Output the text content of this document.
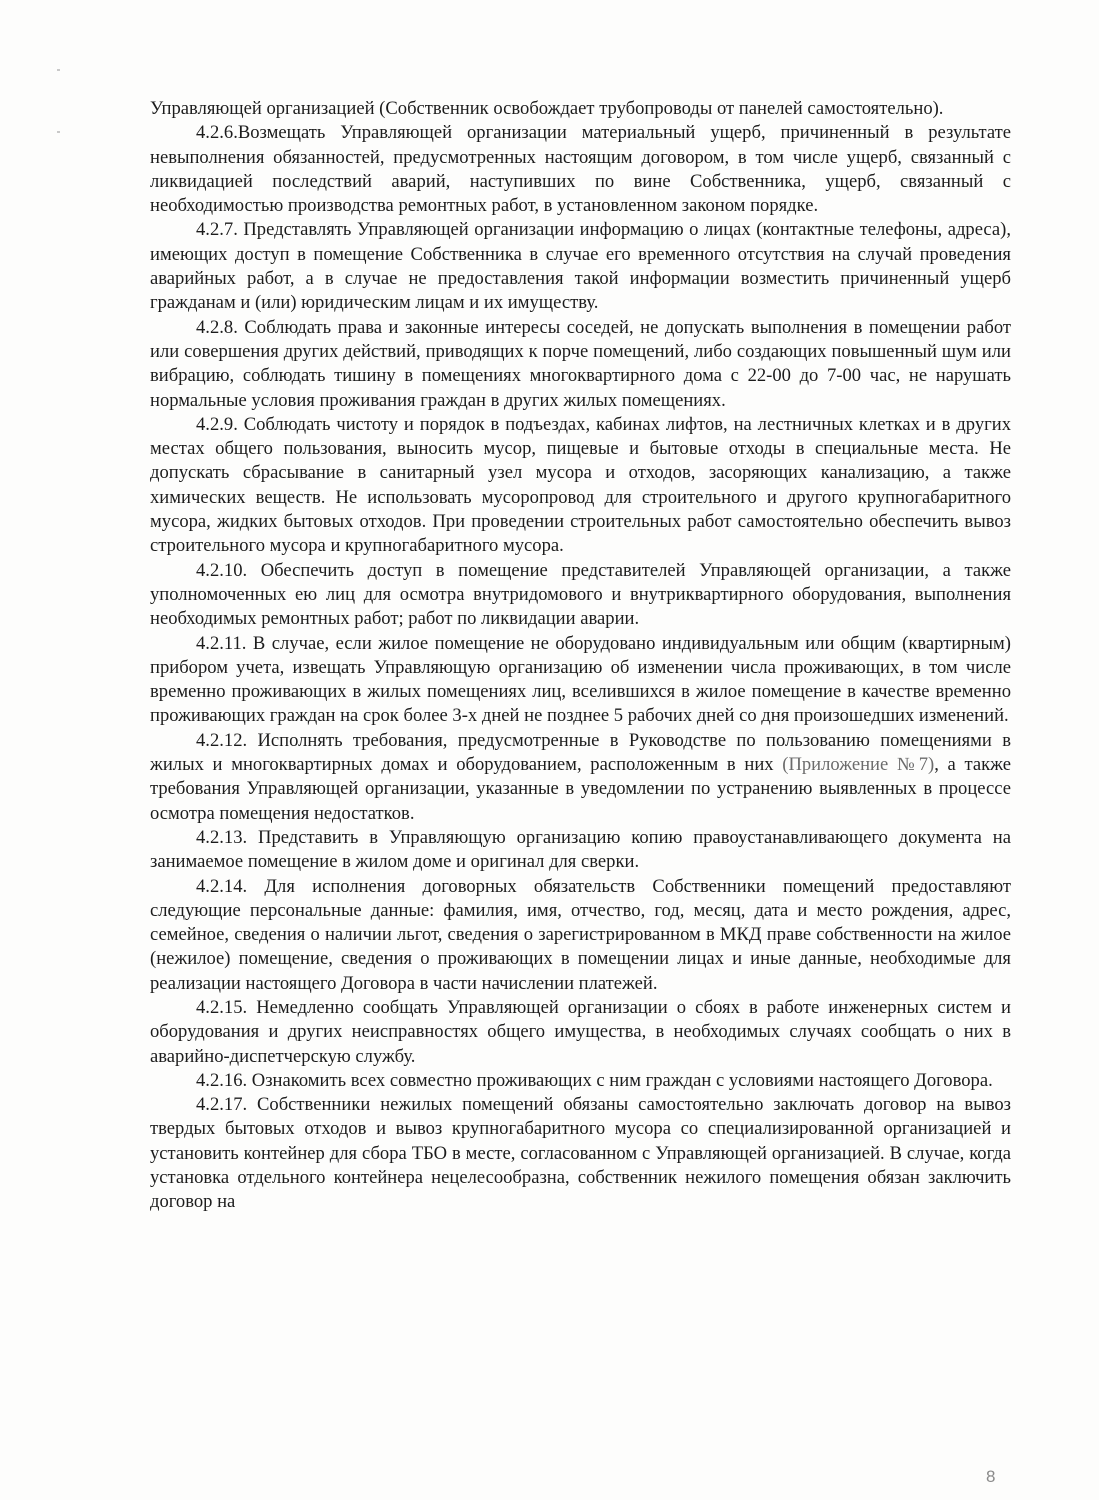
Управляющей организацией (Собственник освобождает трубопроводы от панелей самостоятельно).

4.2.6.Возмещать Управляющей организации материальный ущерб, причиненный в результате невыполнения обязанностей, предусмотренных настоящим договором, в том числе ущерб, связанный с ликвидацией последствий аварий, наступивших по вине Собственника, ущерб, связанный с необходимостью производства ремонтных работ, в установленном законом порядке.

4.2.7. Представлять Управляющей организации информацию о лицах (контактные телефоны, адреса), имеющих доступ в помещение Собственника в случае его временного отсутствия на случай проведения аварийных работ, а в случае не предоставления такой информации возместить причиненный ущерб гражданам и (или) юридическим лицам и их имуществу.

4.2.8. Соблюдать права и законные интересы соседей, не допускать выполнения в помещении работ или совершения других действий, приводящих к порче помещений, либо создающих повышенный шум или вибрацию, соблюдать тишину в помещениях многоквартирного дома с 22-00 до 7-00 час, не нарушать нормальные условия проживания граждан в других жилых помещениях.

4.2.9. Соблюдать чистоту и порядок в подъездах, кабинах лифтов, на лестничных клетках и в других местах общего пользования, выносить мусор, пищевые и бытовые отходы в специальные места. Не допускать сбрасывание в санитарный узел мусора и отходов, засоряющих канализацию, а также химических веществ. Не использовать мусоропровод для строительного и другого крупногабаритного мусора, жидких бытовых отходов. При проведении строительных работ самостоятельно обеспечить вывоз строительного мусора и крупногабаритного мусора.

4.2.10. Обеспечить доступ в помещение представителей Управляющей организации, а также уполномоченных ею лиц для осмотра внутридомового и внутриквартирного оборудования, выполнения необходимых ремонтных работ; работ по ликвидации аварии.

4.2.11. В случае, если жилое помещение не оборудовано индивидуальным или общим (квартирным) прибором учета, извещать Управляющую организацию об изменении числа проживающих, в том числе временно проживающих в жилых помещениях лиц, вселившихся в жилое помещение в качестве временно проживающих граждан на срок более 3-х дней не позднее 5 рабочих дней со дня произошедших изменений.

4.2.12. Исполнять требования, предусмотренные в Руководстве по пользованию помещениями в жилых и многоквартирных домах и оборудованием, расположенным в них (Приложение №7), а также требования Управляющей организации, указанные в уведомлении по устранению выявленных в процессе осмотра помещения недостатков.

4.2.13. Представить в Управляющую организацию копию правоустанавливающего документа на занимаемое помещение в жилом доме и оригинал для сверки.

4.2.14. Для исполнения договорных обязательств Собственники помещений предоставляют следующие персональные данные: фамилия, имя, отчество, год, месяц, дата и место рождения, адрес, семейное, сведения о наличии льгот, сведения о зарегистрированном в МКД праве собственности на жилое (нежилое) помещение, сведения о проживающих в помещении лицах и иные данные, необходимые для реализации настоящего Договора в части начислении платежей.

4.2.15. Немедленно сообщать Управляющей организации о сбоях в работе инженерных систем и оборудования и других неисправностях общего имущества, в необходимых случаях сообщать о них в аварийно-диспетчерскую службу.

4.2.16. Ознакомить всех совместно проживающих с ним граждан с условиями настоящего Договора.

4.2.17. Собственники нежилых помещений обязаны самостоятельно заключать договор на вывоз твердых бытовых отходов и вывоз крупногабаритного мусора со специализированной организацией и установить контейнер для сбора ТБО в месте, согласованном с Управляющей организацией. В случае, когда установка отдельного контейнера нецелесообразна, собственник нежилого помещения обязан заключить договор на

8
